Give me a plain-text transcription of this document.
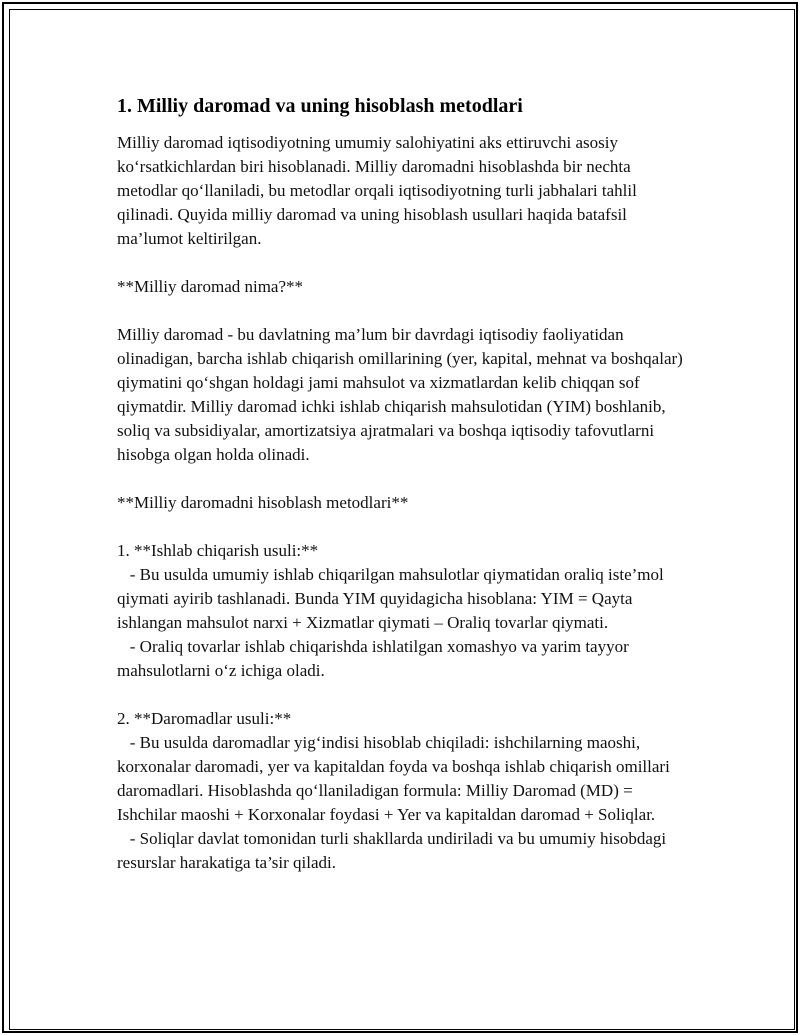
1. Milliy daromad va uning hisoblash metodlari

Milliy daromad iqtisodiyotning umumiy salohiyatini aks ettiruvchi asosiy ko‘rsatkichlardan biri hisoblanadi. Milliy daromadni hisoblashda bir nechta metodlar qo‘llaniladi, bu metodlar orqali iqtisodiyotning turli jabhalari tahlil qilinadi. Quyida milliy daromad va uning hisoblash usullari haqida batafsil ma’lumot keltirilgan.

**Milliy daromad nima?**

Milliy daromad - bu davlatning ma’lum bir davrdagi iqtisodiy faoliyatidan olinadigan, barcha ishlab chiqarish omillarining (yer, kapital, mehnat va boshqalar) qiymatini qo‘shgan holdagi jami mahsulot va xizmatlardan kelib chiqqan sof qiymatdir. Milliy daromad ichki ishlab chiqarish mahsulotidan (YIM) boshlanib, soliq va subsidiyalar, amortizatsiya ajratmalari va boshqa iqtisodiy tafovutlarni hisobga olgan holda olinadi.

**Milliy daromadni hisoblash metodlari**

1. **Ishlab chiqarish usuli:**

- Bu usulda umumiy ishlab chiqarilgan mahsulotlar qiymatidan oraliq iste’mol qiymati ayirib tashlanadi. Bunda YIM quyidagicha hisoblana: YIM = Qayta ishlangan mahsulot narxi + Xizmatlar qiymati – Oraliq tovarlar qiymati.

- Oraliq tovarlar ishlab chiqarishda ishlatilgan xomashyo va yarim tayyor mahsulotlarni o‘z ichiga oladi.

2. **Daromadlar usuli:**

- Bu usulda daromadlar yig‘indisi hisoblab chiqiladi: ishchilarning maoshi, korxonalar daromadi, yer va kapitaldan foyda va boshqa ishlab chiqarish omillari daromadlari. Hisoblashda qo‘llaniladigan formula: Milliy Daromad (MD) = Ishchilar maoshi + Korxonalar foydasi + Yer va kapitaldan daromad + Soliqlar.

- Soliqlar davlat tomonidan turli shakllarda undiriladi va bu umumiy hisobdagi resurslar harakatiga ta’sir qiladi.
